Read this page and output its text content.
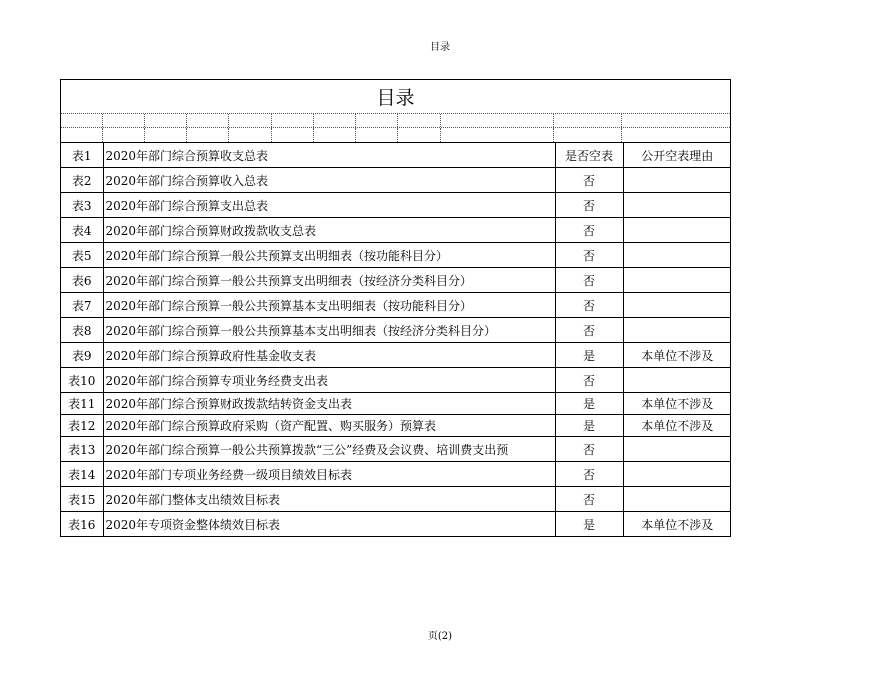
目录
目录
表1	2020年部门综合预算收支总表	是否空表	公开空表理由
表2	2020年部门综合预算收入总表	否	
表3	2020年部门综合预算支出总表	否	
表4	2020年部门综合预算财政拨款收支总表	否	
表5	2020年部门综合预算一般公共预算支出明细表（按功能科目分）	否	
表6	2020年部门综合预算一般公共预算支出明细表（按经济分类科目分）	否	
表7	2020年部门综合预算一般公共预算基本支出明细表（按功能科目分）	否	
表8	2020年部门综合预算一般公共预算基本支出明细表（按经济分类科目分）	否	
表9	2020年部门综合预算政府性基金收支表	是	本单位不涉及
表10	2020年部门综合预算专项业务经费支出表	否	
表11	2020年部门综合预算财政拨款结转资金支出表	是	本单位不涉及
表12	2020年部门综合预算政府采购（资产配置、购买服务）预算表	是	本单位不涉及
表13	2020年部门综合预算一般公共预算拨款“三公”经费及会议费、培训费支出预	否	
表14	2020年部门专项业务经费一级项目绩效目标表	否	
表15	2020年部门整体支出绩效目标表	否	
表16	2020年专项资金整体绩效目标表	是	本单位不涉及
页(2)
